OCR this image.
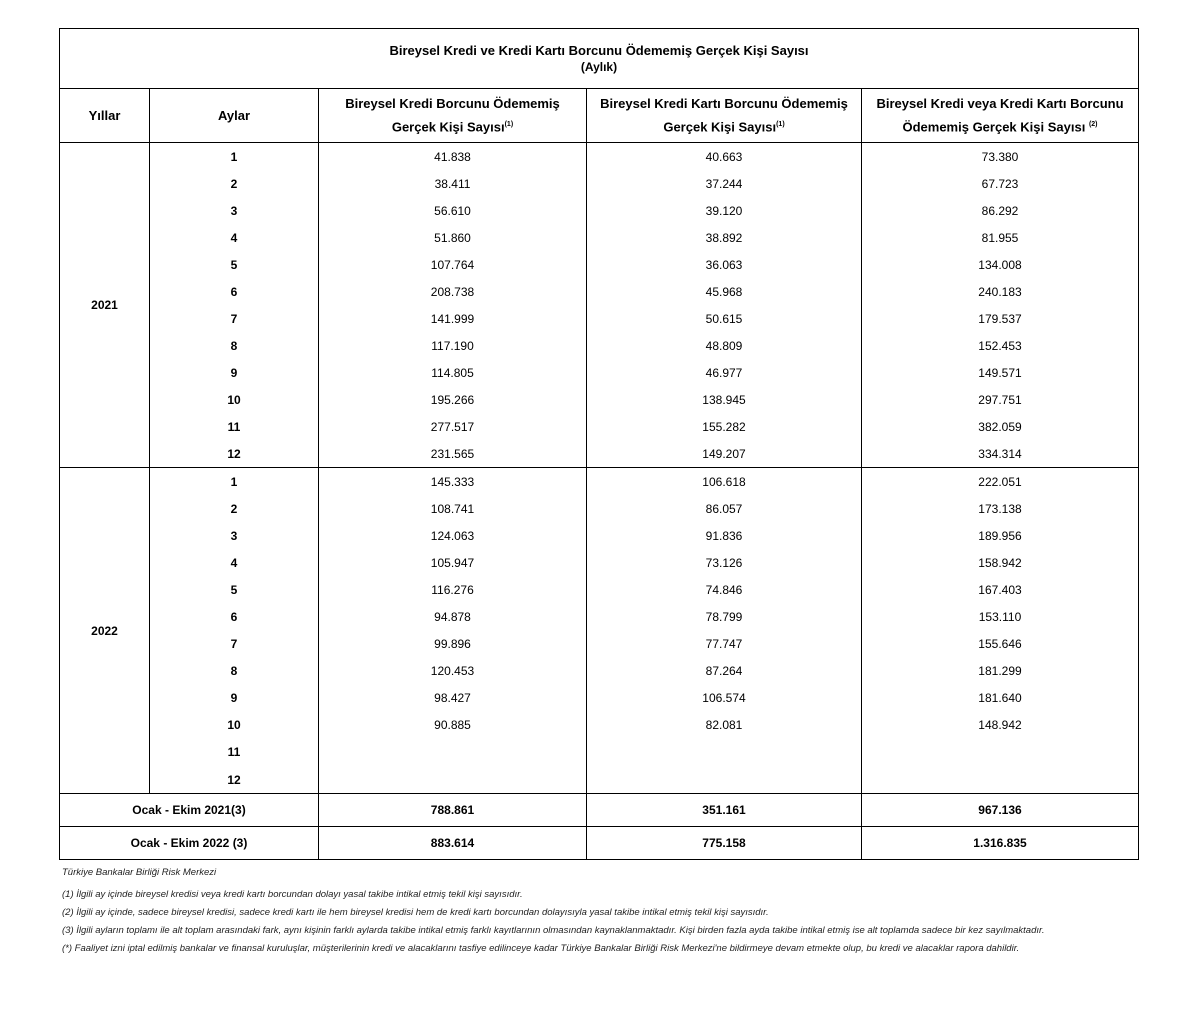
Bireysel Kredi ve Kredi Kartı Borcunu Ödememiş Gerçek Kişi Sayısı
(Aylık)				

Yıllar	Aylar	Bireysel Kredi Borcunu Ödememiş
Gerçek Kişi Sayısı$^{(1)}$	Bireysel Kredi Kartı Borcunu Ödememiş
Gerçek Kişi Sayısı$^{(1)}$	Bireysel Kredi veya Kredi Kartı Borcunu
Ödememiş Gerçek Kişi Sayısı $^{(2)}$
2021	1	41.838	40.663	73.380
	2	38.411	37.244	67.723
	3	56.610	39.120	86.292
	4	51.860	38.892	81.955
	5	107.764	36.063	134.008
	6	208.738	45.968	240.183
	7	141.999	50.615	179.537
	8	117.190	48.809	152.453
	9	114.805	46.977	149.571
	10	195.266	138.945	297.751
	11	277.517	155.282	382.059
	12	231.565	149.207	334.314
2022	1	145.333	106.618	222.051
	2	108.741	86.057	173.138
	3	124.063	91.836	189.956
	4	105.947	73.126	158.942
	5	116.276	74.846	167.403
	6	94.878	78.799	153.110
	7	99.896	77.747	155.646
	8	120.453	87.264	181.299
	9	98.427	106.574	181.640
	10	90.885	82.081	148.942
	11			
	12			
Ocak - Ekim 2021(3)		788.861	351.161	967.136
Ocak - Ekim 2022 (3)		883.614	775.158	1.316.835

Türkiye Bankalar Birliği Risk Merkezi

(1) İlgili ay içinde bireysel kredisi veya kredi kartı borcundan dolayı yasal takibe intikal etmiş tekil kişi sayısıdır.

(2) İlgili ay içinde, sadece bireysel kredisi, sadece kredi kartı ile hem bireysel kredisi hem de kredi kartı borcundan dolayısıyla yasal takibe intikal etmiş tekil kişi sayısıdır.

(3) İlgili ayların toplamı ile alt toplam arasındaki fark, aynı kişinin farklı aylarda takibe intikal etmiş farklı kayıtlarının olmasından kaynaklanmaktadır. Kişi birden fazla ayda takibe intikal etmiş ise alt toplamda sadece bir kez sayılmaktadır.

(*) Faaliyet izni iptal edilmiş bankalar ve finansal kuruluşlar, müşterilerinin kredi ve alacaklarını tasfiye edilinceye kadar Türkiye Bankalar Birliği Risk Merkezi'ne bildirmeye devam etmekte olup, bu kredi ve alacaklar rapora dahildir.
